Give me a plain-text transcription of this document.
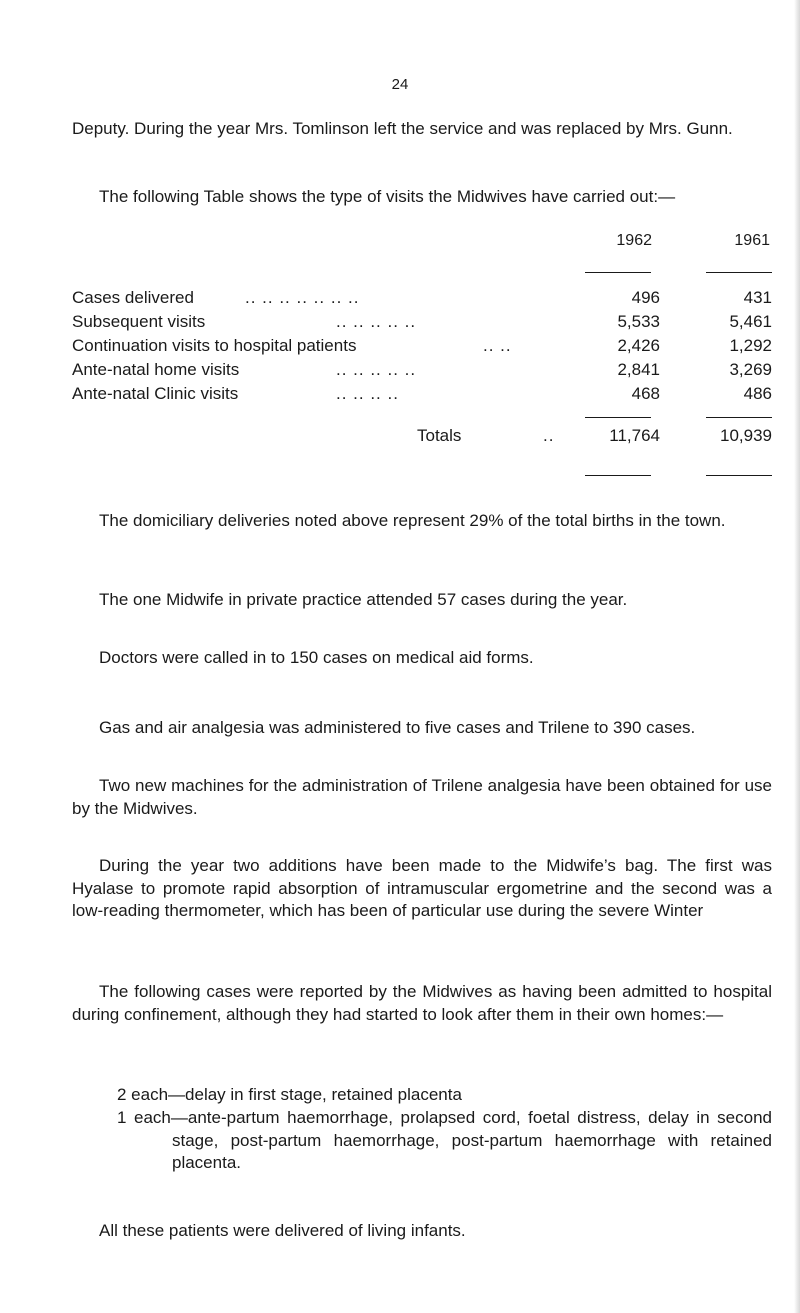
24

Deputy. During the year Mrs. Tomlinson left the service and was replaced by Mrs. Gunn.

The following Table shows the type of visits the Midwives have carried out:—

1962	1961
Cases delivered	.. .. .. .. .. .. ..	496	431
Subsequent visits	.. .. .. .. ..	5,533	5,461
Continuation visits to hospital patients	.. ..	2,426	1,292
Ante-natal home visits	.. .. .. .. ..	2,841	3,269
Ante-natal Clinic visits	.. .. .. ..	468	486
Totals	..	11,764	10,939

The domiciliary deliveries noted above represent 29% of the total births in the town.

The one Midwife in private practice attended 57 cases during the year.

Doctors were called in to 150 cases on medical aid forms.

Gas and air analgesia was administered to five cases and Trilene to 390 cases.

Two new machines for the administration of Trilene analgesia have been obtained for use by the Midwives.

During the year two additions have been made to the Midwife’s bag. The first was Hyalase to promote rapid absorption of intramuscular ergometrine and the second was a low-reading thermometer, which has been of particular use during the severe Winter

The following cases were reported by the Midwives as having been admitted to hospital during confinement, although they had started to look after them in their own homes:—

2 each—delay in first stage, retained placenta

1 each—ante-partum haemorrhage, prolapsed cord, foetal distress, delay in second stage, post-partum haemorrhage, post-partum haemorrhage with retained placenta.

All these patients were delivered of living infants.
